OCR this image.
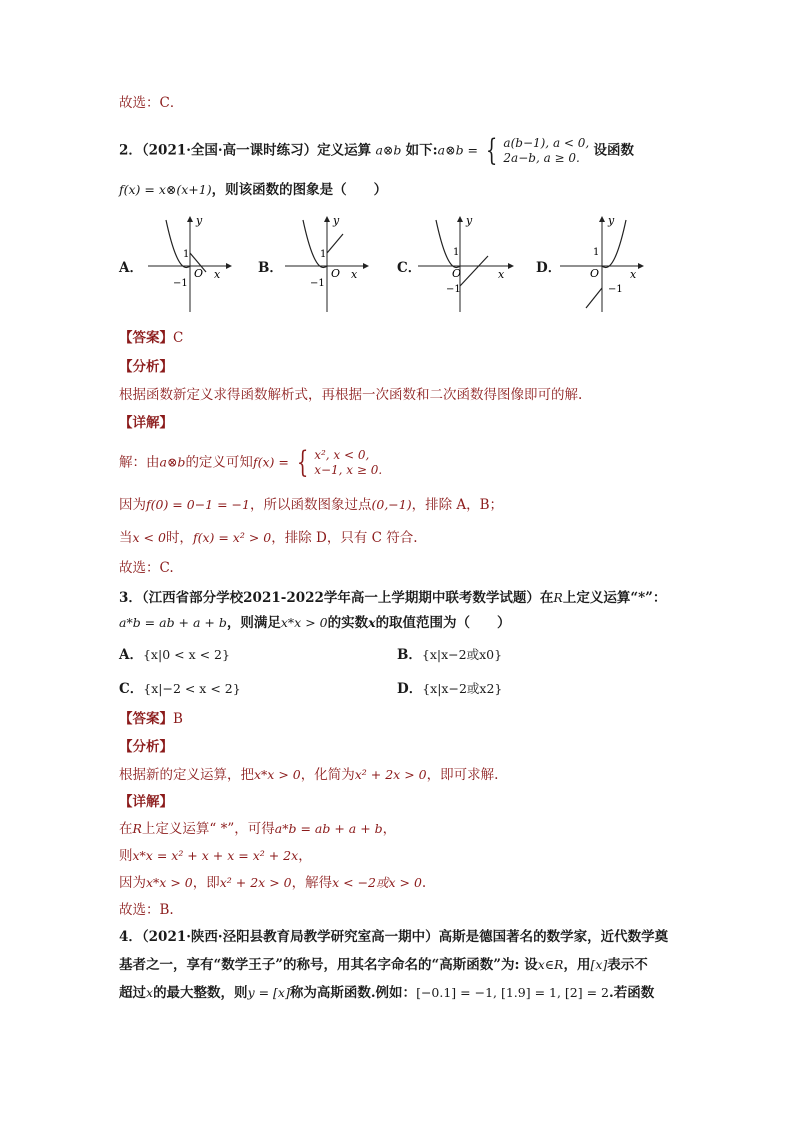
故选：C．
2．（2021·全国·高一课时练习）定义运算 a⊗b 如下:a⊗b = { a(b−1), a < 0,
2a−b, a ≥ 0.	设函数
f(x) = x⊗(x+1)，则该函数的图象是（　　）
A．
y
x
O
1
−1
B．
y
x
O
1
−1
C．
y
x
O
1
−1
D．
y
x
O
1
−1
【答案】C
【分析】
根据函数新定义求得函数解析式，再根据一次函数和二次函数得图像即可的解.
【详解】
解：由a⊗b的定义可知f(x) = { x², x < 0,
x−1, x ≥ 0.
因为f(0) = 0−1 = −1，所以函数图象过点(0,−1)，排除 A，B；
当x < 0时，f(x) = x² > 0，排除 D，只有 C 符合.
故选：C.
3．（江西省部分学校2021-2022学年高一上学期期中联考数学试题）在R上定义运算“*”：
a*b = ab + a + b，则满足x*x > 0的实数x的取值范围为（　　）
A．{x|0 < x < 2}	B．{x|x−2或x0}
C．{x|−2 < x < 2}	D．{x|x−2或x2}
【答案】B
【分析】
根据新的定义运算，把x*x > 0，化简为x² + 2x > 0，即可求解.
【详解】
在R上定义运算“ *”，可得a*b = ab + a + b，
则x*x = x² + x + x = x² + 2x，
因为x*x > 0，即x² + 2x > 0，解得x < −2或x > 0.
故选：B.
4．（2021·陕西·泾阳县教育局教学研究室高一期中）高斯是德国著名的数学家，近代数学奠
基者之一，享有“数学王子”的称号，用其名字命名的“高斯函数”为: 设x∈R，用[x]表示不
超过x的最大整数，则y = [x]称为高斯函数.例如：[−0.1] = −1, [1.9] = 1, [2] = 2.若函数
